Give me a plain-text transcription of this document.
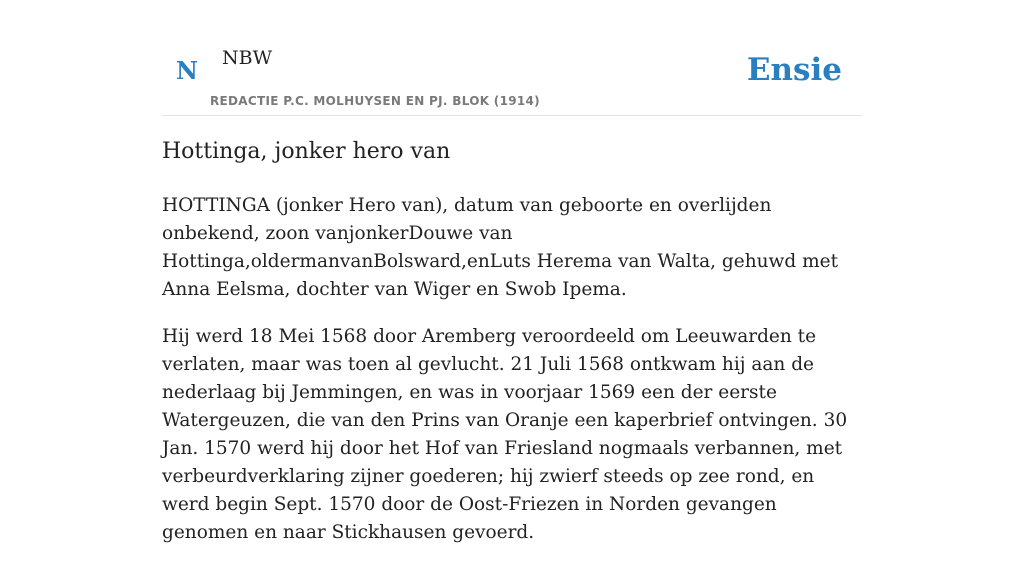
N NBW
REDACTIE P.C. MOLHUYSEN EN PJ. BLOK (1914)
Ensie
Hottinga, jonker hero van

HOTTINGA (jonker Hero van), datum van geboorte en overlijden onbekend, zoon vanjonkerDouwe van Hottinga,oldermanvanBolsward,enLuts Herema van Walta, gehuwd met Anna Eelsma, dochter van Wiger en Swob Ipema.

Hij werd 18 Mei 1568 door Aremberg veroordeeld om Leeuwarden te verlaten, maar was toen al gevlucht. 21 Juli 1568 ontkwam hij aan de nederlaag bij Jemmingen, en was in voorjaar 1569 een der eerste Watergeuzen, die van den Prins van Oranje een kaperbrief ontvingen. 30 Jan. 1570 werd hij door het Hof van Friesland nogmaals verbannen, met verbeurdverklaring zijner goederen; hij zwierf steeds op zee rond, en werd begin Sept. 1570 door de Oost-Friezen in Norden gevangen genomen en naar Stickhausen gevoerd.
